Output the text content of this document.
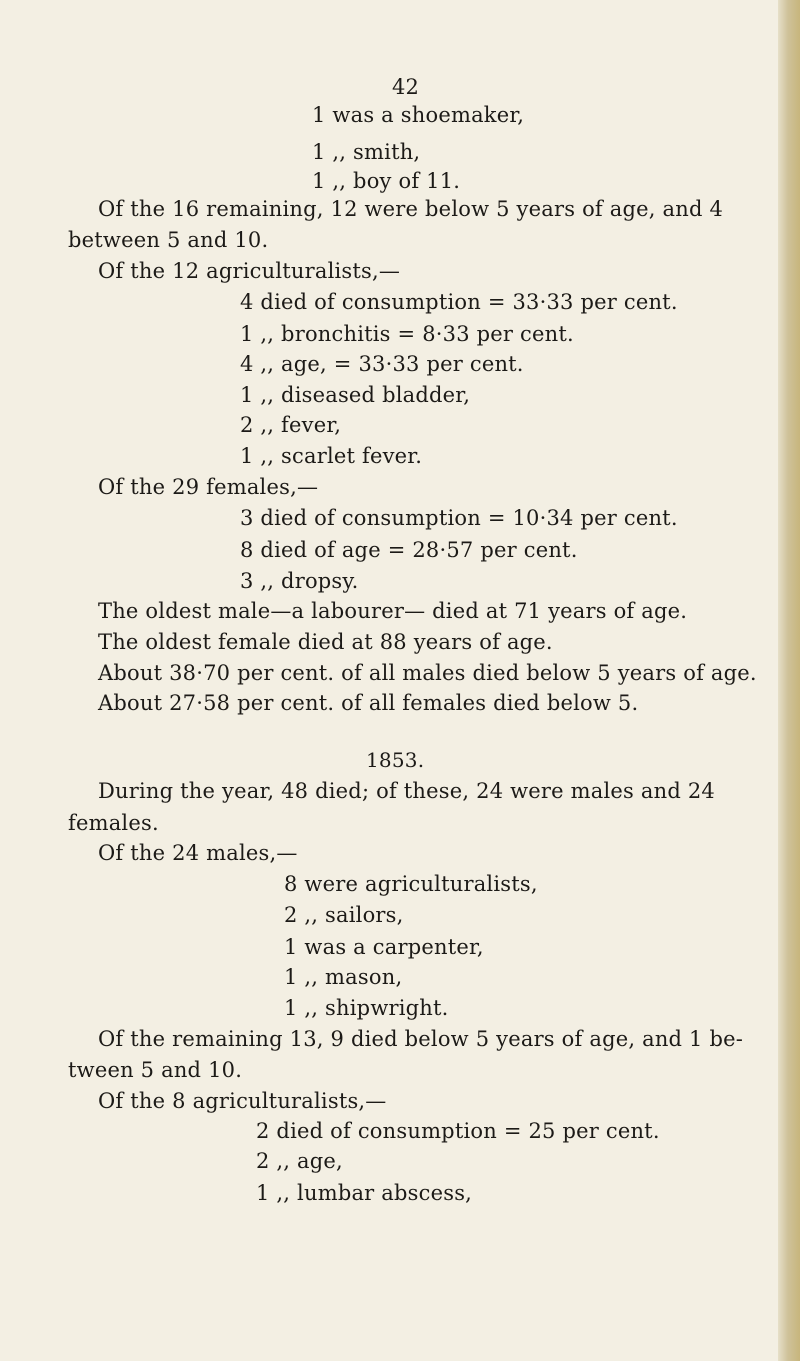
42
1 was a shoemaker,
1 ,, smith,
1 ,, boy of 11.
Of the 16 remaining, 12 were below 5 years of age, and 4
between 5 and 10.
Of the 12 agriculturalists,—
4 died of consumption = 33·33 per cent.
1 ,, bronchitis = 8·33 per cent.
4 ,, age, = 33·33 per cent.
1 ,, diseased bladder,
2 ,, fever,
1 ,, scarlet fever.
Of the 29 females,—
3 died of consumption = 10·34 per cent.
8 died of age = 28·57 per cent.
3 ,, dropsy.
The oldest male—a labourer— died at 71 years of age.
The oldest female died at 88 years of age.
About 38·70 per cent. of all males died below 5 years of age.
About 27·58 per cent. of all females died below 5.
1853.
During the year, 48 died; of these, 24 were males and 24
females.
Of the 24 males,—
8 were agriculturalists,
2 ,, sailors,
1 was a carpenter,
1 ,, mason,
1 ,, shipwright.
Of the remaining 13, 9 died below 5 years of age, and 1 be-
tween 5 and 10.
Of the 8 agriculturalists,—
2 died of consumption = 25 per cent.
2 ,, age,
1 ,, lumbar abscess,
